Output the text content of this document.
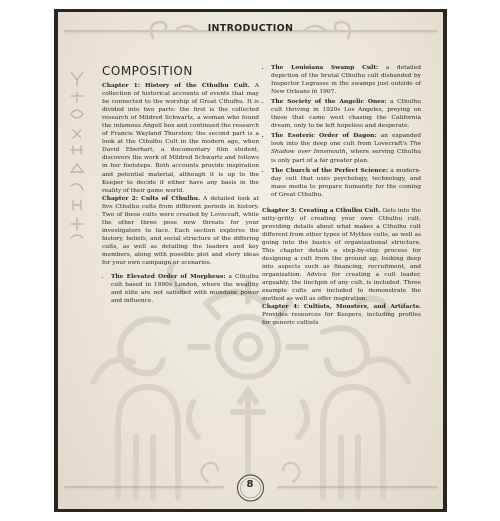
INTRODUCTION
COMPOSITION

Chapter 1: History of the Cthulhu Cult. A collection of historical accounts of events that may be connected to the worship of Great Cthulhu. It is divided into two parts: the first is the collected research of Mildred Schwartz, a woman who found the infamous Angell box and continued the research of Francis Wayland Thurston; the second part is a look at the Cthulhu Cult in the modern age, when David Eberhart, a documentary film student, discovers the work of Mildred Schwartz and follows in her footsteps. Both accounts provide inspiration and potential material, although it is up to the Keeper to decide if either have any basis in the reality of their game world.

Chapter 2: Cults of Cthulhu. A detailed look at five Cthulhu cults from different periods in history. Two of these cults were created by Lovecraft, while the other three pose new threats for your investigators to face. Each section explores the history, beliefs, and social structure of the differing cults, as well as detailing the leaders and key members, along with possible plot and story ideas for your own campaign or scenarios.

• The Elevated Order of Morpheus: a Cthulhu cult based in 1890s London, where the wealthy and elite are not satisfied with mundane power and influence.
• The Louisiana Swamp Cult: a detailed depiction of the brutal Cthulhu cult disbanded by Inspector Legrasse in the swamps just outside of New Orleans in 1907.
• The Society of the Angelic Ones: a Cthulhu cult thriving in 1920s Los Angeles, preying on those that came west chasing the California dream, only to be left hopeless and desperate.
• The Esoteric Order of Dagon: an expanded look into the deep one cult from Lovecraft's The Shadow over Innsmouth, where serving Cthulhu is only part of a far greater plan.
• The Church of the Perfect Science: a modern-day cult that uses psychology, technology, and mass media to prepare humanity for the coming of Great Cthulhu.

Chapter 3: Creating a Cthulhu Cult. Gets into the nitty-gritty of creating your own Cthulhu cult, providing details about what makes a Cthulhu cult different from other types of Mythos cults, as well as going into the basics of organizational structure. This chapter details a step-by-step process for designing a cult from the ground up, looking deep into aspects such as financing, recruitment, and organization. Advice for creating a cult leader, arguably, the linchpin of any cult, is included. Three example cults are included to demonstrate the method as well as offer inspiration.

Chapter 4: Cultists, Monsters, and Artifacts. Provides resources for Keepers, including profiles for generic cultists

8
